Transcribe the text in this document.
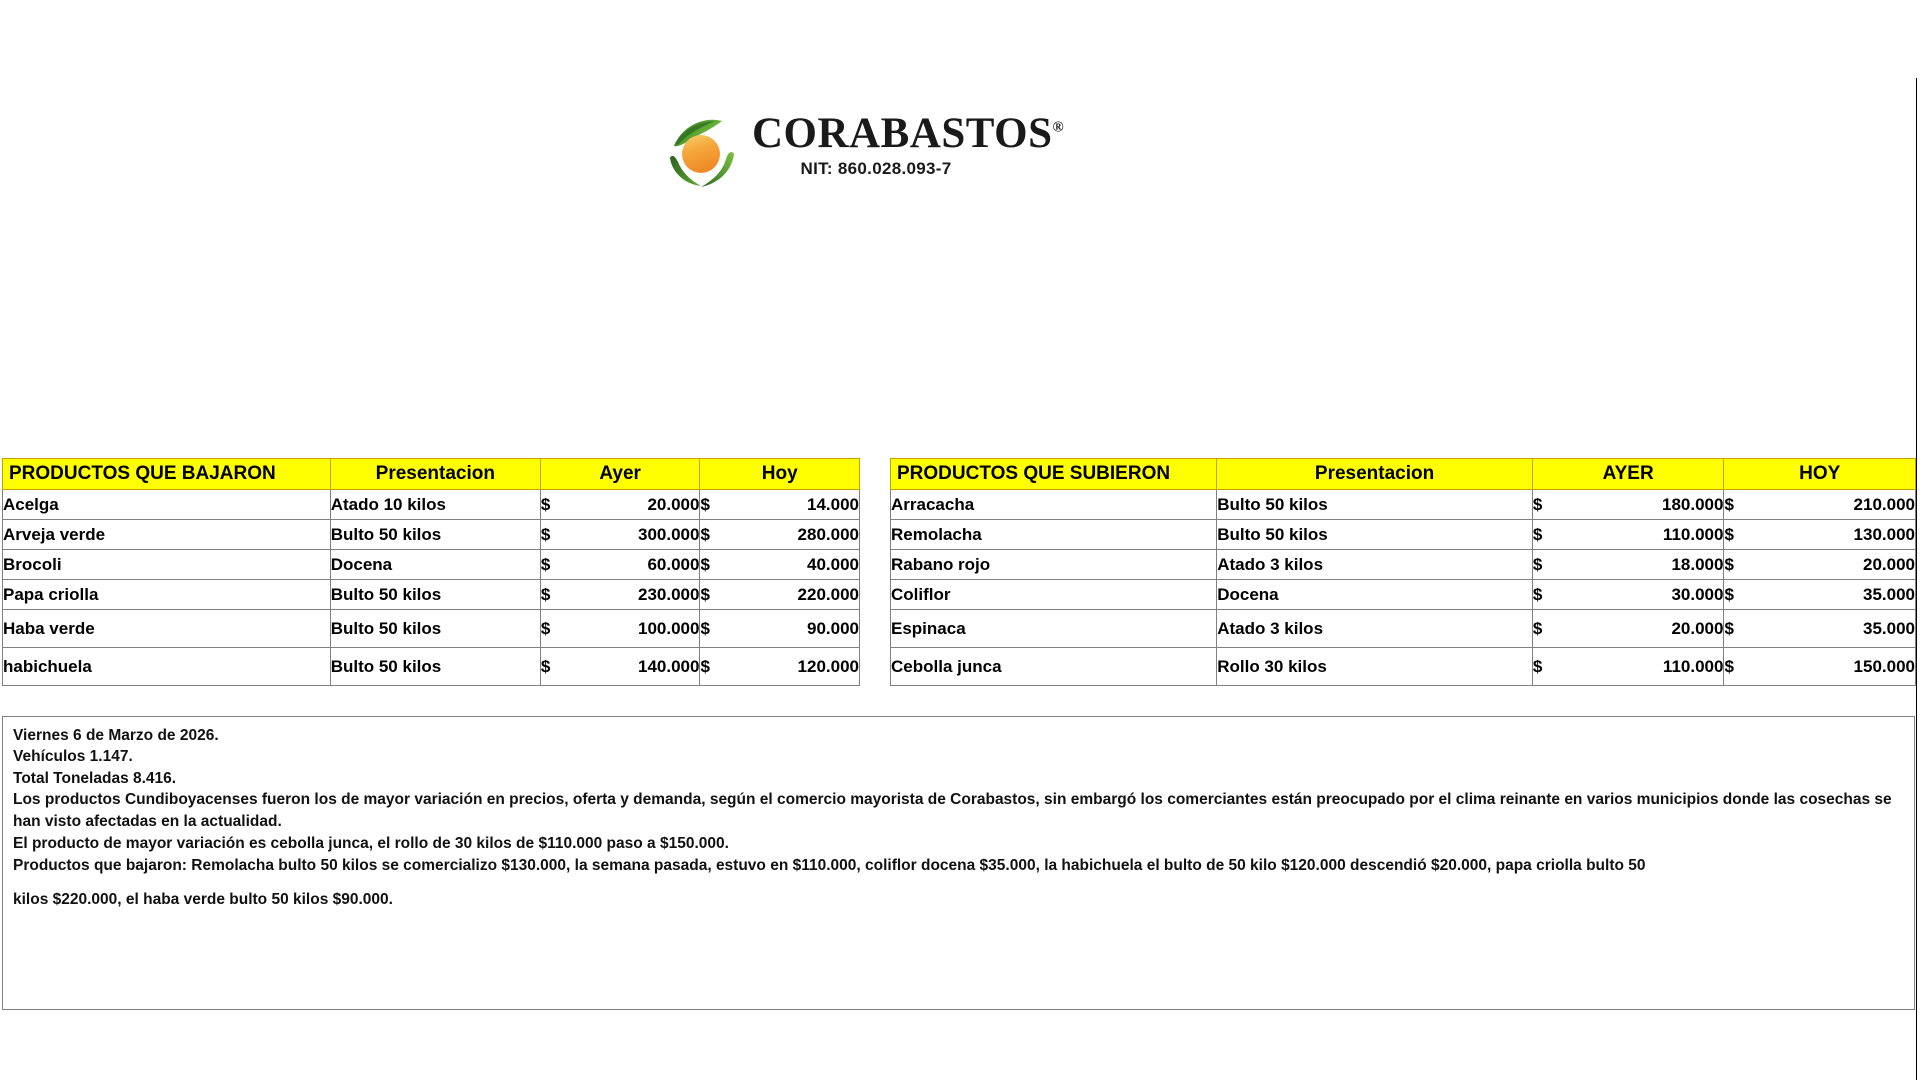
CORABASTOS®
NIT: 860.028.093-7
PRODUCTOS QUE BAJARON	Presentacion	Ayer		Hoy	
Acelga	Atado 10 kilos	$	20.000	$	14.000
Arveja verde	Bulto 50 kilos	$	300.000	$	280.000
Brocoli	Docena	$	60.000	$	40.000
Papa criolla	Bulto 50 kilos	$	230.000	$	220.000
Haba verde	Bulto 50 kilos	$	100.000	$	90.000
habichuela	Bulto 50 kilos	$	140.000	$	120.000
PRODUCTOS QUE SUBIERON	Presentacion	AYER		HOY	
Arracacha	Bulto 50 kilos	$	180.000	$	210.000
Remolacha	Bulto 50 kilos	$	110.000	$	130.000
Rabano rojo	Atado 3 kilos	$	18.000	$	20.000
Coliflor	Docena	$	30.000	$	35.000
Espinaca	Atado 3 kilos	$	20.000	$	35.000
Cebolla junca	Rollo 30 kilos	$	110.000	$	150.000

Viernes 6 de Marzo de 2026.

Vehículos 1.147.

Total Toneladas 8.416.

Los productos Cundiboyacenses fueron los de mayor variación en precios, oferta y demanda, según el comercio mayorista de Corabastos, sin embargó los comerciantes están preocupado por el clima reinante en varios municipios donde las cosechas se han visto afectadas en la actualidad.

El producto de mayor variación es cebolla junca, el rollo de 30 kilos de $110.000 paso a $150.000.

Productos que bajaron: Remolacha bulto 50 kilos se comercializo $130.000, la semana pasada, estuvo en $110.000, coliflor docena $35.000, la habichuela el bulto de 50 kilo $120.000 descendió $20.000, papa criolla bulto 50

kilos $220.000, el haba verde bulto 50 kilos $90.000.
